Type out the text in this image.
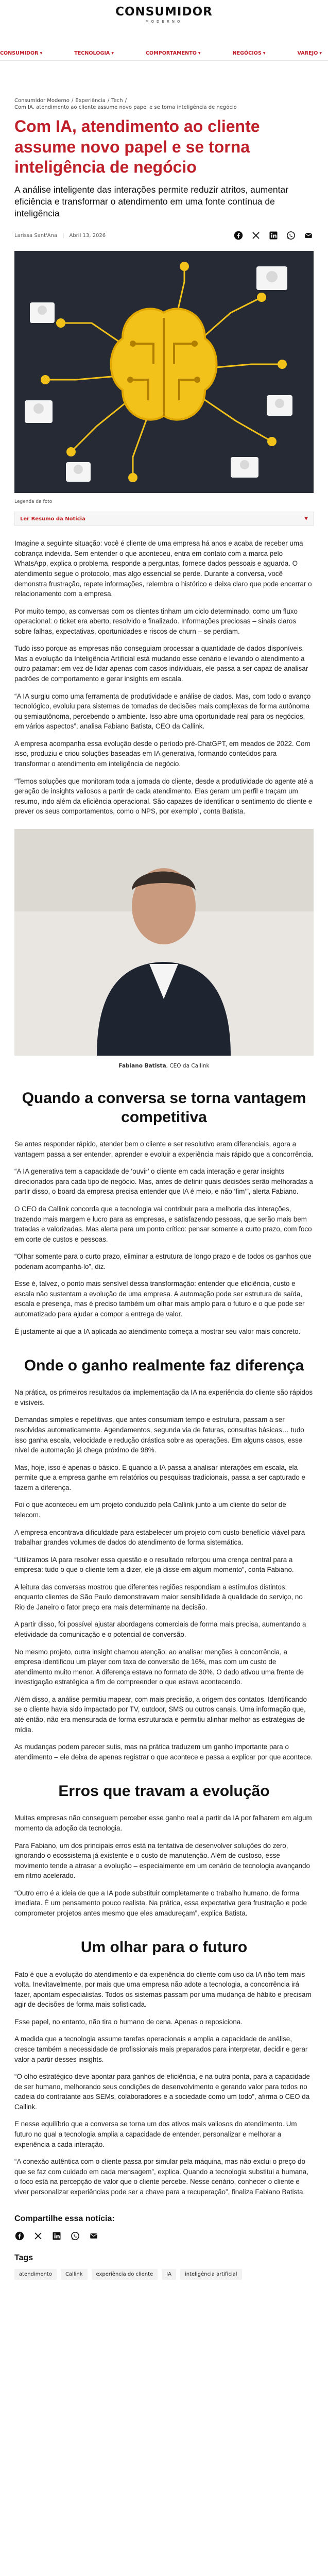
CONSUMIDOR
MODERNO
CONSUMIDOR ▼	TECNOLOGIA ▼	COMPORTAMENTO ▼	NEGÓCIOS ▼	VAREJO ▼
Consumidor Moderno / Experiência / Tech /
Com IA, atendimento ao cliente assume novo papel e se torna inteligência de negócio
Com IA, atendimento ao cliente assume novo papel e se torna inteligência de negócio

A análise inteligente das interações permite reduzir atritos, aumentar eficiência e transformar o atendimento em uma fonte contínua de inteligência

Larissa Sant'Ana | Abril 13, 2026
Legenda da foto
Ler Resumo da Notícia	▼

Imagine a seguinte situação: você é cliente de uma empresa há anos e acaba de receber uma cobrança indevida. Sem entender o que aconteceu, entra em contato com a marca pelo WhatsApp, explica o problema, responde a perguntas, fornece dados pessoais e aguarda. O atendimento segue o protocolo, mas algo essencial se perde. Durante a conversa, você demonstra frustração, repete informações, relembra o histórico e deixa claro que pode encerrar o relacionamento com a empresa.

Por muito tempo, as conversas com os clientes tinham um ciclo determinado, como um fluxo operacional: o ticket era aberto, resolvido e finalizado. Informações preciosas – sinais claros sobre falhas, expectativas, oportunidades e riscos de churn – se perdiam.

Tudo isso porque as empresas não conseguiam processar a quantidade de dados disponíveis. Mas a evolução da Inteligência Artificial está mudando esse cenário e levando o atendimento a outro patamar: em vez de lidar apenas com casos individuais, ele passa a ser capaz de analisar padrões de comportamento e gerar insights em escala.

“A IA surgiu como uma ferramenta de produtividade e análise de dados. Mas, com todo o avanço tecnológico, evoluiu para sistemas de tomadas de decisões mais complexas de forma autônoma ou semiautônoma, percebendo o ambiente. Isso abre uma oportunidade real para os negócios, em vários aspectos”, analisa Fabiano Batista, CEO da Callink.

A empresa acompanha essa evolução desde o período pré-ChatGPT, em meados de 2022. Com isso, produziu e criou soluções baseadas em IA generativa, formando conteúdos para transformar o atendimento em inteligência de negócio.

“Temos soluções que monitoram toda a jornada do cliente, desde a produtividade do agente até a geração de insights valiosos a partir de cada atendimento. Elas geram um perfil e traçam um resumo, indo além da eficiência operacional. São capazes de identificar o sentimento do cliente e prever os seus comportamentos, como o NPS, por exemplo”, conta Batista.

Fabiano Batista, CEO da Callink
Quando a conversa se torna vantagem competitiva

Se antes responder rápido, atender bem o cliente e ser resolutivo eram diferenciais, agora a vantagem passa a ser entender, aprender e evoluir a experiência mais rápido que a concorrência.

“A IA generativa tem a capacidade de ‘ouvir’ o cliente em cada interação e gerar insights direcionados para cada tipo de negócio. Mas, antes de definir quais decisões serão melhoradas a partir disso, o board da empresa precisa entender que IA é meio, e não ‘fim’”, alerta Fabiano.

O CEO da Callink concorda que a tecnologia vai contribuir para a melhoria das interações, trazendo mais margem e lucro para as empresas, e satisfazendo pessoas, que serão mais bem tratadas e valorizadas. Mas alerta para um ponto crítico: pensar somente a curto prazo, com foco em corte de custos e pessoas.

“Olhar somente para o curto prazo, eliminar a estrutura de longo prazo e de todos os ganhos que poderiam acompanhá-lo”, diz.

Esse é, talvez, o ponto mais sensível dessa transformação: entender que eficiência, custo e escala não sustentam a evolução de uma empresa. A automação pode ser estrutura de saída, escala e presença, mas é preciso também um olhar mais amplo para o futuro e o que pode ser automatizado para ajudar a compor a entrega de valor.

É justamente aí que a IA aplicada ao atendimento começa a mostrar seu valor mais concreto.

Onde o ganho realmente faz diferença

Na prática, os primeiros resultados da implementação da IA na experiência do cliente são rápidos e visíveis.

Demandas simples e repetitivas, que antes consumiam tempo e estrutura, passam a ser resolvidas automaticamente. Agendamentos, segunda via de faturas, consultas básicas… tudo isso ganha escala, velocidade e redução drástica sobre as operações. Em alguns casos, esse nível de automação já chega próximo de 98%.

Mas, hoje, isso é apenas o básico. E quando a IA passa a analisar interações em escala, ela permite que a empresa ganhe em relatórios ou pesquisas tradicionais, passa a ser capturado e fazem a diferença.

Foi o que aconteceu em um projeto conduzido pela Callink junto a um cliente do setor de telecom.

A empresa encontrava dificuldade para estabelecer um projeto com custo-benefício viável para trabalhar grandes volumes de dados do atendimento de forma sistemática.

“Utilizamos IA para resolver essa questão e o resultado reforçou uma crença central para a empresa: tudo o que o cliente tem a dizer, ele já disse em algum momento”, conta Fabiano.

A leitura das conversas mostrou que diferentes regiões respondiam a estímulos distintos: enquanto clientes de São Paulo demonstravam maior sensibilidade à qualidade do serviço, no Rio de Janeiro o fator preço era mais determinante na decisão.

A partir disso, foi possível ajustar abordagens comerciais de forma mais precisa, aumentando a efetividade da comunicação e o potencial de conversão.

No mesmo projeto, outra insight chamou atenção: ao analisar menções à concorrência, a empresa identificou um player com taxa de conversão de 16%, mas com um custo de atendimento muito menor. A diferença estava no formato de 30%. O dado ativou uma frente de investigação estratégica a fim de compreender o que estava acontecendo.

Além disso, a análise permitiu mapear, com mais precisão, a origem dos contatos. Identificando se o cliente havia sido impactado por TV, outdoor, SMS ou outros canais. Uma informação que, até então, não era mensurada de forma estruturada e permitiu alinhar melhor as estratégias de mídia.

As mudanças podem parecer sutis, mas na prática traduzem um ganho importante para o atendimento – ele deixa de apenas registrar o que acontece e passa a explicar por que acontece.

Erros que travam a evolução

Muitas empresas não conseguem perceber esse ganho real a partir da IA por falharem em algum momento da adoção da tecnologia.

Para Fabiano, um dos principais erros está na tentativa de desenvolver soluções do zero, ignorando o ecossistema já existente e o custo de manutenção. Além de custoso, esse movimento tende a atrasar a evolução – especialmente em um cenário de tecnologia avançando em ritmo acelerado.

“Outro erro é a ideia de que a IA pode substituir completamente o trabalho humano, de forma imediata. É um pensamento pouco realista. Na prática, essa expectativa gera frustração e pode comprometer projetos antes mesmo que eles amadureçam”, explica Batista.

Um olhar para o futuro

Fato é que a evolução do atendimento e da experiência do cliente com uso da IA não tem mais volta. Inevitavelmente, por mais que uma empresa não adote a tecnologia, a concorrência irá fazer, apontam especialistas. Todos os sistemas passam por uma mudança de hábito e precisam agir de decisões de forma mais sofisticada.

Esse papel, no entanto, não tira o humano de cena. Apenas o reposiciona.

A medida que a tecnologia assume tarefas operacionais e amplia a capacidade de análise, cresce também a necessidade de profissionais mais preparados para interpretar, decidir e gerar valor a partir desses insights.

“O olho estratégico deve apontar para ganhos de eficiência, e na outra ponta, para a capacidade de ser humano, melhorando seus condições de desenvolvimento e gerando valor para todos no cadeia do contratante aos SEMs, colaboradores e a sociedade como um todo”, afirma o CEO da Callink.

E nesse equilíbrio que a conversa se torna um dos ativos mais valiosos do atendimento. Um futuro no qual a tecnologia amplia a capacidade de entender, personalizar e melhorar a experiência a cada interação.

“A conexão autêntica com o cliente passa por simular pela máquina, mas não exclui o preço do que se faz com cuidado em cada mensagem”, explica. Quando a tecnologia substitui a humana, o foco está na percepção de valor que o cliente percebe. Nesse cenário, conhecer o cliente e viver personalizar experiências pode ser a chave para a recuperação”, finaliza Fabiano Batista.

Compartilhe essa notícia:
Tags
atendimento	Callink	experiência do cliente	IA	inteligência artificial
